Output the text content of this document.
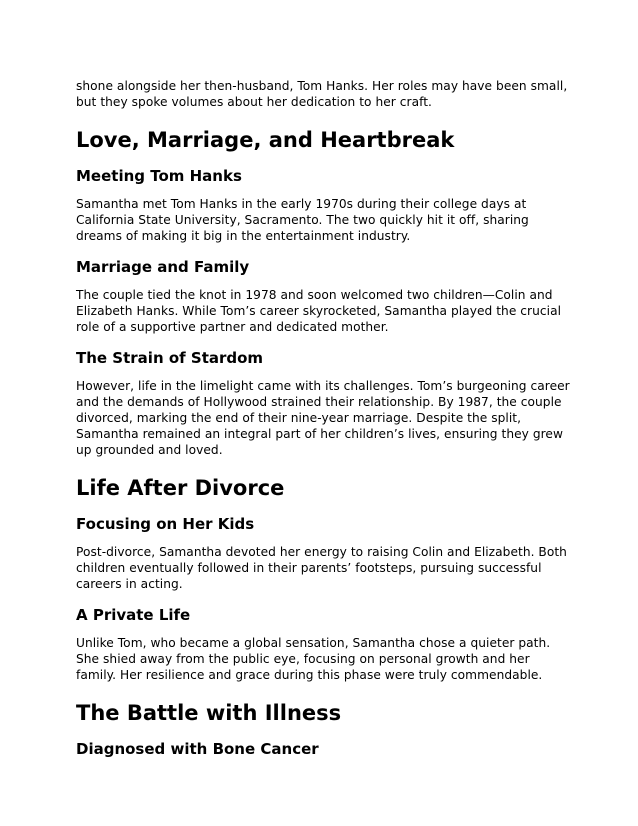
shone alongside her then-husband, Tom Hanks. Her roles may have been small, but they spoke volumes about her dedication to her craft.

Love, Marriage, and Heartbreak
Meeting Tom Hanks

Samantha met Tom Hanks in the early 1970s during their college days at California State University, Sacramento. The two quickly hit it off, sharing dreams of making it big in the entertainment industry.

Marriage and Family

The couple tied the knot in 1978 and soon welcomed two children—Colin and Elizabeth Hanks. While Tom’s career skyrocketed, Samantha played the crucial role of a supportive partner and dedicated mother.

The Strain of Stardom

However, life in the limelight came with its challenges. Tom’s burgeoning career and the demands of Hollywood strained their relationship. By 1987, the couple divorced, marking the end of their nine-year marriage. Despite the split, Samantha remained an integral part of her children’s lives, ensuring they grew up grounded and loved.

Life After Divorce
Focusing on Her Kids

Post-divorce, Samantha devoted her energy to raising Colin and Elizabeth. Both children eventually followed in their parents’ footsteps, pursuing successful careers in acting.

A Private Life

Unlike Tom, who became a global sensation, Samantha chose a quieter path. She shied away from the public eye, focusing on personal growth and her family. Her resilience and grace during this phase were truly commendable.

The Battle with Illness
Diagnosed with Bone Cancer
